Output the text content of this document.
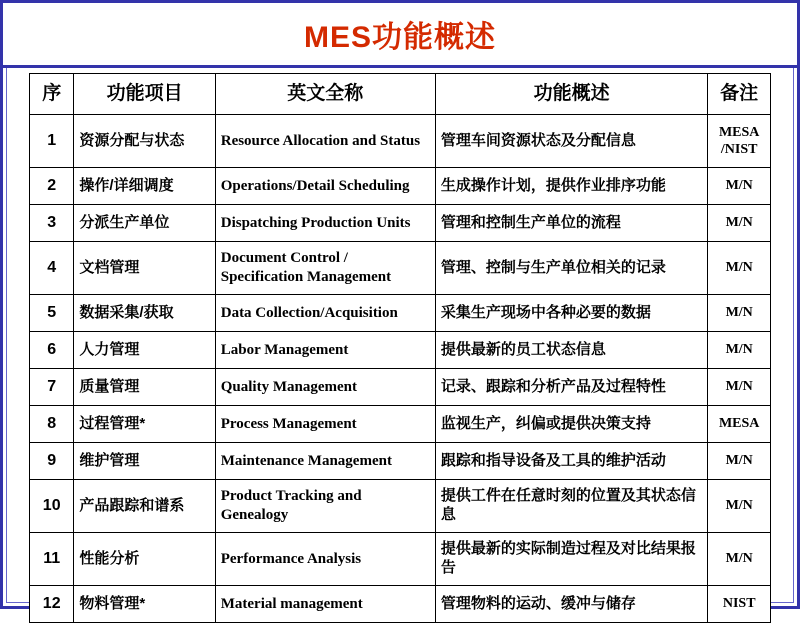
MES功能概述
序	功能项目	英文全称	功能概述	备注
1	资源分配与状态	Resource Allocation and Status	管理车间资源状态及分配信息	MESA /NIST
2	操作/详细调度	Operations/Detail Scheduling	生成操作计划，提供作业排序功能	M/N
3	分派生产单位	Dispatching Production Units	管理和控制生产单位的流程	M/N
4	文档管理	Document Control / Specification Management	管理、控制与生产单位相关的记录	M/N
5	数据采集/获取	Data Collection/Acquisition	采集生产现场中各种必要的数据	M/N
6	人力管理	Labor Management	提供最新的员工状态信息	M/N
7	质量管理	Quality Management	记录、跟踪和分析产品及过程特性	M/N
8	过程管理*	Process Management	监视生产，纠偏或提供决策支持	MESA
9	维护管理	Maintenance Management	跟踪和指导设备及工具的维护活动	M/N
10	产品跟踪和谱系	Product Tracking and Genealogy	提供工件在任意时刻的位置及其状态信息	M/N
11	性能分析	Performance Analysis	提供最新的实际制造过程及对比结果报告	M/N
12	物料管理*	Material management	管理物料的运动、缓冲与储存	NIST
